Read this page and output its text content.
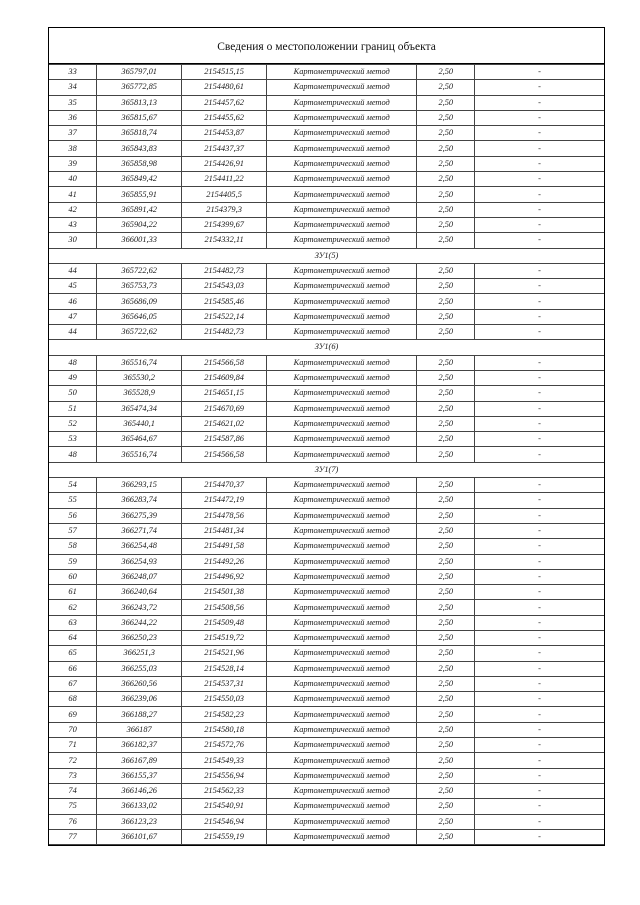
Сведения о местоположении границ объекта
33	365797,01	2154515,15	Картометрический метод	2,50	-
34	365772,85	2154480,61	Картометрический метод	2,50	-
35	365813,13	2154457,62	Картометрический метод	2,50	-
36	365815,67	2154455,62	Картометрический метод	2,50	-
37	365818,74	2154453,87	Картометрический метод	2,50	-
38	365843,83	2154437,37	Картометрический метод	2,50	-
39	365858,98	2154426,91	Картометрический метод	2,50	-
40	365849,42	2154411,22	Картометрический метод	2,50	-
41	365855,91	2154405,5	Картометрический метод	2,50	-
42	365891,42	2154379,3	Картометрический метод	2,50	-
43	365904,22	2154399,67	Картометрический метод	2,50	-
30	366001,33	2154332,11	Картометрический метод	2,50	-
ЗУ1(5)					
44	365722,62	2154482,73	Картометрический метод	2,50	-
45	365753,73	2154543,03	Картометрический метод	2,50	-
46	365686,09	2154585,46	Картометрический метод	2,50	-
47	365646,05	2154522,14	Картометрический метод	2,50	-
44	365722,62	2154482,73	Картометрический метод	2,50	-
ЗУ1(6)					
48	365516,74	2154566,58	Картометрический метод	2,50	-
49	365530,2	2154609,84	Картометрический метод	2,50	-
50	365528,9	2154651,15	Картометрический метод	2,50	-
51	365474,34	2154670,69	Картометрический метод	2,50	-
52	365440,1	2154621,02	Картометрический метод	2,50	-
53	365464,67	2154587,86	Картометрический метод	2,50	-
48	365516,74	2154566,58	Картометрический метод	2,50	-
ЗУ1(7)					
54	366293,15	2154470,37	Картометрический метод	2,50	-
55	366283,74	2154472,19	Картометрический метод	2,50	-
56	366275,39	2154478,56	Картометрический метод	2,50	-
57	366271,74	2154481,34	Картометрический метод	2,50	-
58	366254,48	2154491,58	Картометрический метод	2,50	-
59	366254,93	2154492,26	Картометрический метод	2,50	-
60	366248,07	2154496,92	Картометрический метод	2,50	-
61	366240,64	2154501,38	Картометрический метод	2,50	-
62	366243,72	2154508,56	Картометрический метод	2,50	-
63	366244,22	2154509,48	Картометрический метод	2,50	-
64	366250,23	2154519,72	Картометрический метод	2,50	-
65	366251,3	2154521,96	Картометрический метод	2,50	-
66	366255,03	2154528,14	Картометрический метод	2,50	-
67	366260,56	2154537,31	Картометрический метод	2,50	-
68	366239,06	2154550,03	Картометрический метод	2,50	-
69	366188,27	2154582,23	Картометрический метод	2,50	-
70	366187	2154580,18	Картометрический метод	2,50	-
71	366182,37	2154572,76	Картометрический метод	2,50	-
72	366167,89	2154549,33	Картометрический метод	2,50	-
73	366155,37	2154556,94	Картометрический метод	2,50	-
74	366146,26	2154562,33	Картометрический метод	2,50	-
75	366133,02	2154540,91	Картометрический метод	2,50	-
76	366123,23	2154546,94	Картометрический метод	2,50	-
77	366101,67	2154559,19	Картометрический метод	2,50	-
